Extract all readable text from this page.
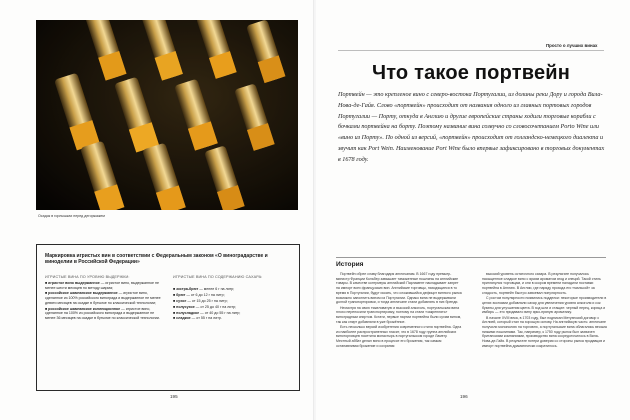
Осадок в горлышках перед дегоржажем
Маркировка игристых вин в соответствии с Федеральным законом «О виноградарстве и виноделии в Российской Федерации»
ИГРИСТЫЕ ВИНА ПО УРОВНЮ ВЫДЕРЖКИ:
■ игристое вино выдержанное — игристое вино, выдержанное не менее шести месяцев по методу шарма;
■ российское шампанское выдержанное — игристое вино, сделанное из 100% российского винограда и выдержанное не менее девяти месяцев на осадке в бутылке по классической технологии;
■ российское шампанское коллекционное — игристое вино, сделанное на 100% из российского винограда и выдержанное не менее 36 месяцев на осадке в бутылке по классической технологии.
ИГРИСТЫЕ ВИНА ПО СОДЕРЖАНИЮ САХАРА:
■ экстра-брют — менее 6 г на литр;
■ брют — от 6 до 12 г на литр;
■ сухое — от 15 до 25 г на литр;
■ полусухое — от 25 до 40 г на литр;
■ полусладкое — от 40 до 55 г на литр;
■ сладкое — от 55 г на литр.
195
Просто о лучших винах
Что такое портвейн

Портвейн — это крепленое вино с северо-востока Португалии, из долины реки Дору и города Вила-Нова-де-Гайя. Слово «портвейн» происходит от названия одного из главных портовых городов Португалии — Порту, откуда в Англию и другие европейские страны ходили торговые корабли с бочками портвейна на борту. Поэтому название вина созвучно со словосочетанием Porto Wine или «вино из Порту». По одной из версий, «портвейн» происходит от голландско-немецкого диалекта и звучит как Port Wein. Наименование Port Wine было впервые зафиксировано в торговых документах в 1678 году.

История

Портвейн обрел славу благодаря англичанам. В 1667 году премьер-министр Франции Кольбер завышает таможенные пошлины на английские товары. В качестве контрмеры английский Парламент накладывает запрет на импорт всех французских вин. Английские торговцы, находящиеся в то время в Португалии, будут искать, что сложившийся дефицит винного рынка возможно заполнить вином из Португалии. Однако вина не выдерживали долгой транспортировки, и тогда англичане стали добавлять в них бренди.

Несмотря на свою тяжеловатую и высокий алкоголь, португальская вина плохо переносили транспортировку, поэтому на стали «закреплять» виноградным спиртом. Кстати, первые партии портвейна были сухим вином, так как спирт добавляли в уже брожённое.

Есть несколько версий изобретения современного стиля портвейна. Одна из наиболее распространенных гласит, что в 1678 году группа английских виноторговцев посетила монастырь в португальском городе Ламегу. Местный аббат делал вино в процессе его брожения, так самым останавливая брожение и сохраняя

высокий уровень остаточного сахара. В результате получалось насыщенное сладкое вино с ярким ароматом ягод и специй. Такой стиль приглянулся торговцам, и они в скором времени наладили поставки портвейна в Англию. В Англии, где наряду прохода его «мальсой» за сладость, портвейн быстро завоевал популярность.

С ростом популярности появились подделки: некоторые производители в целях экономии добавляли сахар для увеличения уровня алкоголя и сок бузины для улучшения цвета. В ход шли и стащие: черный перец, корица и имбирь — это придавало вину ярко-пряную ароматику.

В начале XVIII века, в 1703 году, был подписан Метуэнский договор с Англией, который стал на хорошую основу. На английскую часть: англичане получили монополию на торговлю, а португальские вина облагались весьма низкими пошлинами. Так, например, к 1750 году рынок был захвачен британскими компаниями, производство вина сосредоточилось в Вила-Нова-де-Гайя. В результате потери доверия со стороны рынка продавцов и импорт портвейна драматически сократилось.

196
